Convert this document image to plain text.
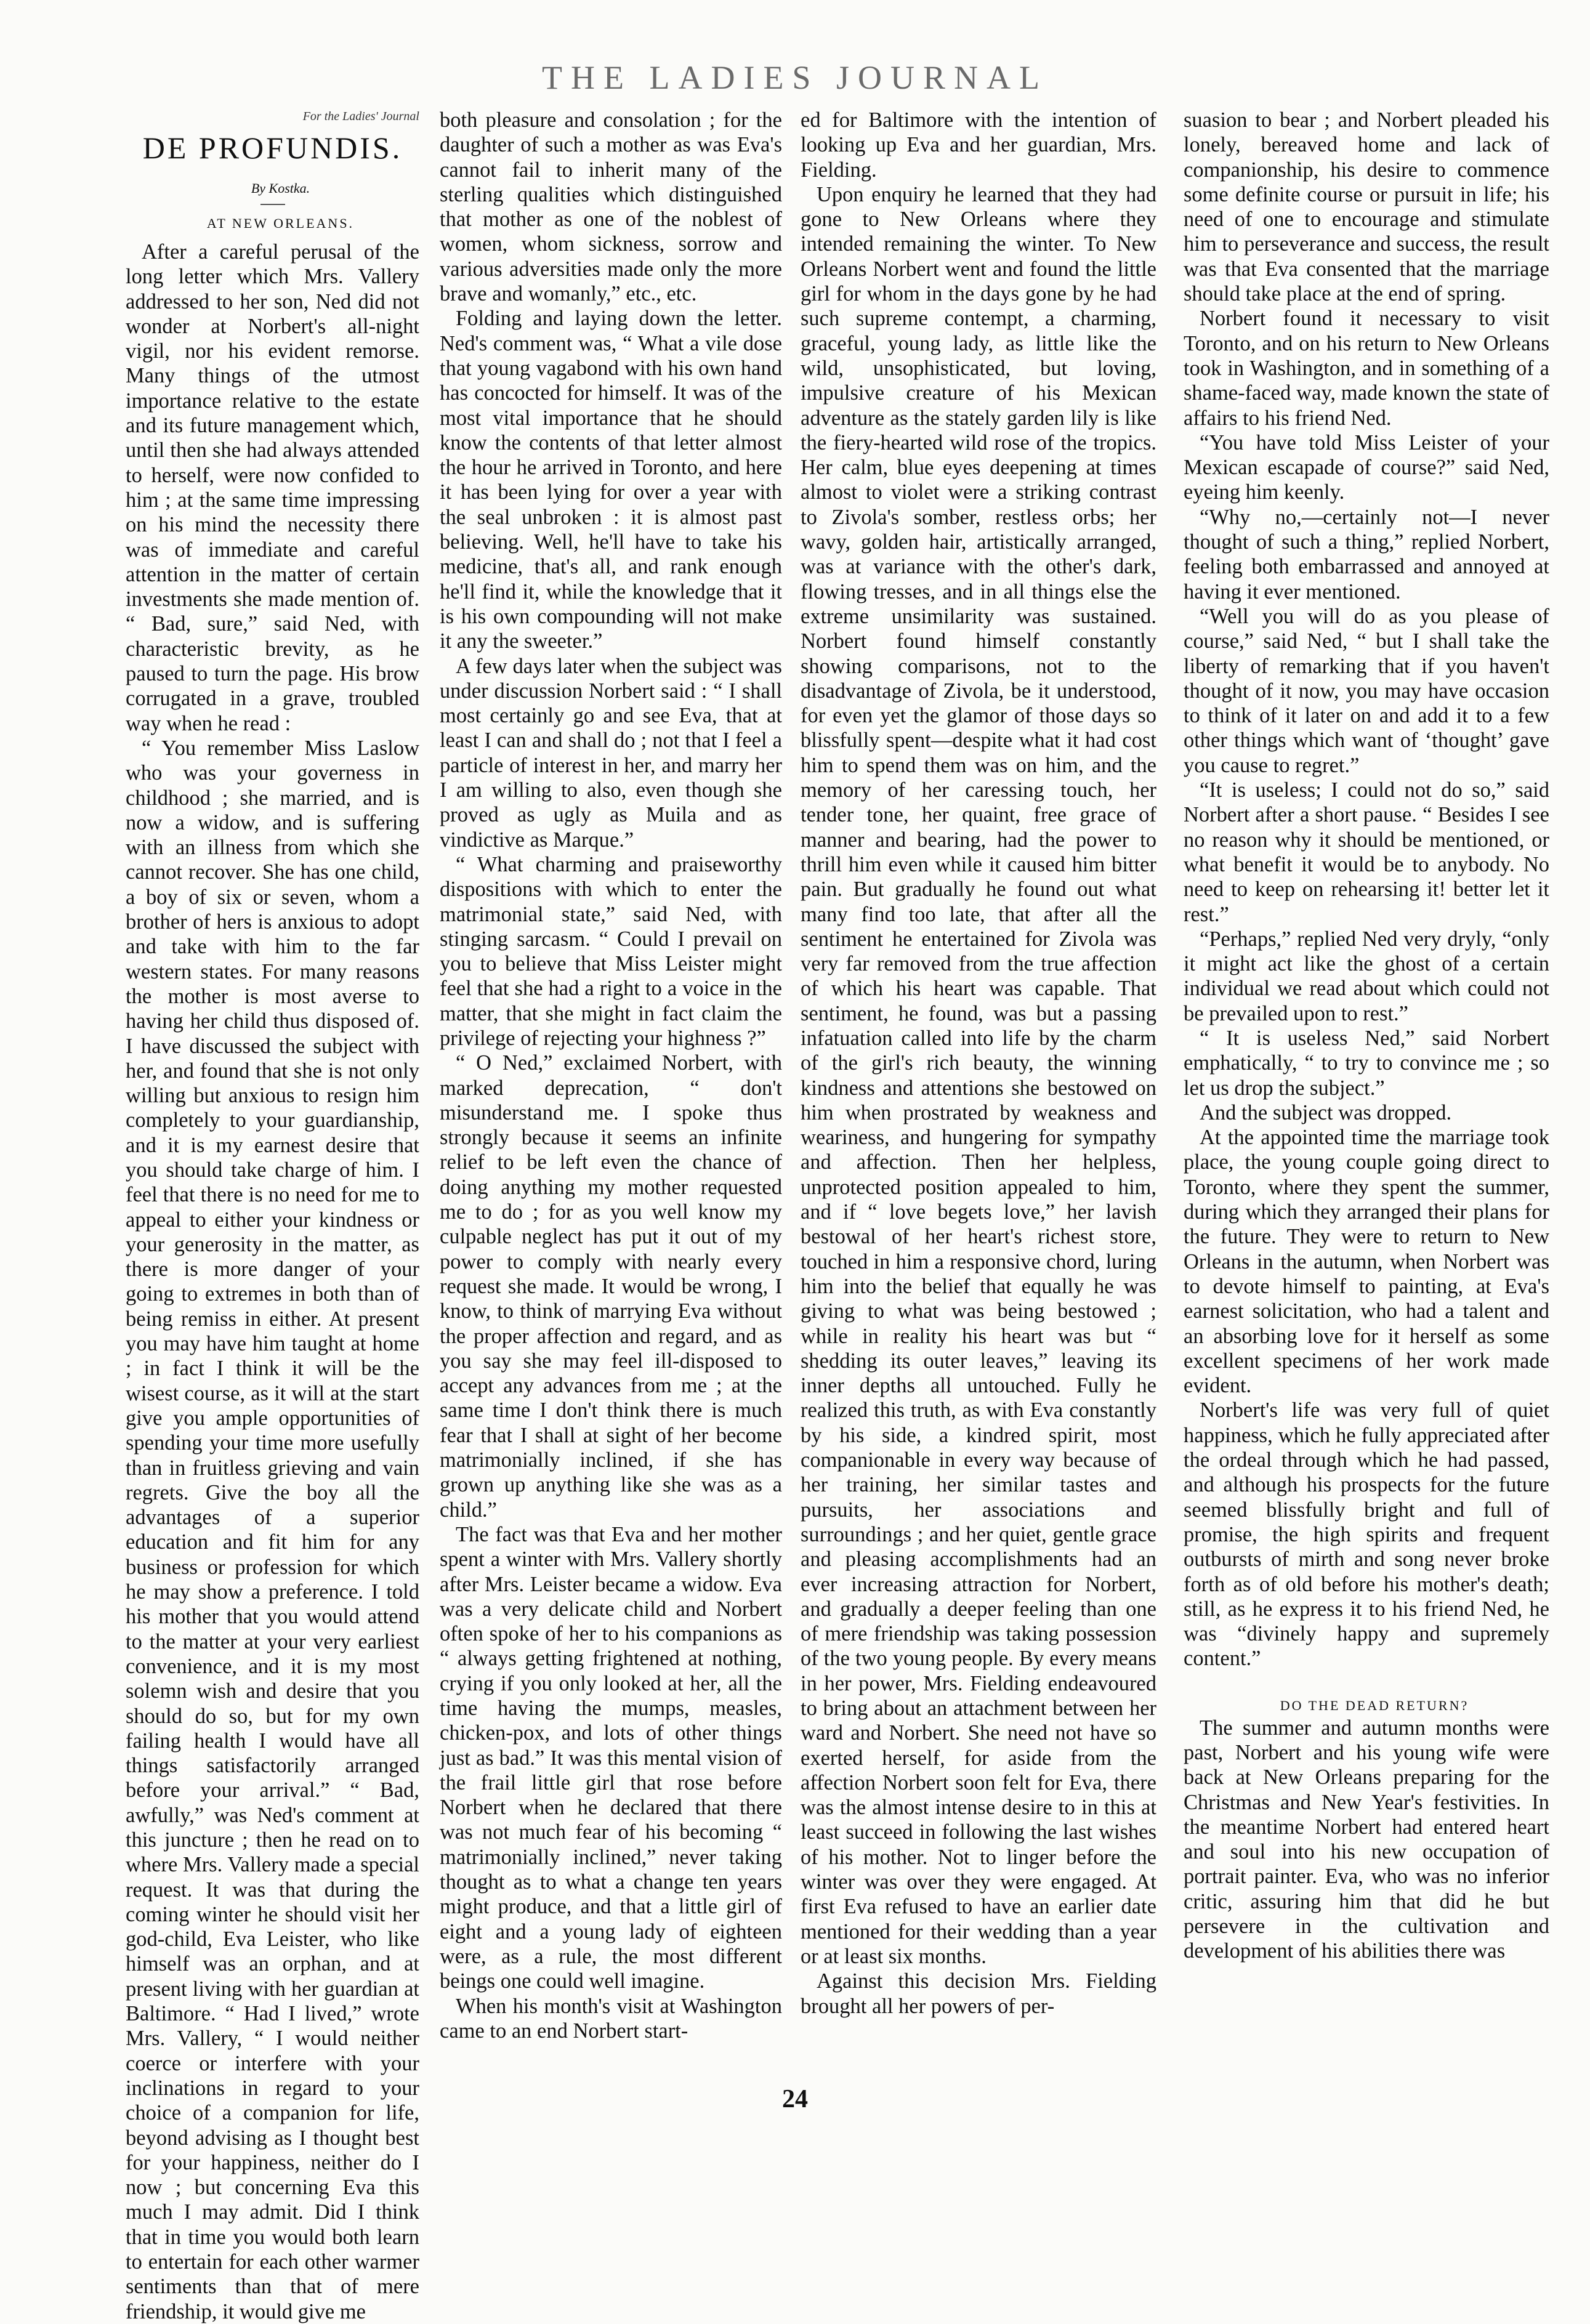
THE LADIES JOURNAL

For the Ladies' Journal

DE PROFUNDIS.

By Kostka.

AT NEW ORLEANS.

After a careful perusal of the long letter which Mrs. Vallery addressed to her son, Ned did not wonder at Norbert's all-night vigil, nor his evident remorse. Many things of the utmost importance relative to the estate and its future management which, until then she had always attended to herself, were now confided to him ; at the same time impressing on his mind the necessity there was of immediate and careful attention in the matter of certain investments she made mention of. “ Bad, sure,” said Ned, with characteristic brevity, as he paused to turn the page. His brow corrugated in a grave, troubled way when he read :

“ You remember Miss Laslow who was your governess in childhood ; she married, and is now a widow, and is suffering with an illness from which she cannot recover. She has one child, a boy of six or seven, whom a brother of hers is anxious to adopt and take with him to the far western states. For many reasons the mother is most averse to having her child thus disposed of. I have discussed the subject with her, and found that she is not only willing but anxious to resign him completely to your guardianship, and it is my earnest desire that you should take charge of him. I feel that there is no need for me to appeal to either your kindness or your generosity in the matter, as there is more danger of your going to extremes in both than of being remiss in either. At present you may have him taught at home ; in fact I think it will be the wisest course, as it will at the start give you ample opportunities of spending your time more usefully than in fruitless grieving and vain regrets. Give the boy all the advantages of a superior education and fit him for any business or profession for which he may show a preference. I told his mother that you would attend to the matter at your very earliest convenience, and it is my most solemn wish and desire that you should do so, but for my own failing health I would have all things satisfactorily arranged before your arrival.” “ Bad, awfully,” was Ned's comment at this juncture ; then he read on to where Mrs. Vallery made a special request. It was that during the coming winter he should visit her god-child, Eva Leister, who like himself was an orphan, and at present living with her guardian at Baltimore. “ Had I lived,” wrote Mrs. Vallery, “ I would neither coerce or interfere with your inclinations in regard to your choice of a companion for life, beyond advising as I thought best for your happiness, neither do I now ; but concerning Eva this much I may admit. Did I think that in time you would both learn to entertain for each other warmer sentiments than that of mere friendship, it would give me

both pleasure and consolation ; for the daughter of such a mother as was Eva's cannot fail to inherit many of the sterling qualities which distinguished that mother as one of the noblest of women, whom sickness, sorrow and various adversities made only the more brave and womanly,” etc., etc.

Folding and laying down the letter. Ned's comment was, “ What a vile dose that young vagabond with his own hand has concocted for himself. It was of the most vital importance that he should know the contents of that letter almost the hour he arrived in Toronto, and here it has been lying for over a year with the seal unbroken : it is almost past believing. Well, he'll have to take his medicine, that's all, and rank enough he'll find it, while the knowledge that it is his own compounding will not make it any the sweeter.”

A few days later when the subject was under discussion Norbert said : “ I shall most certainly go and see Eva, that at least I can and shall do ; not that I feel a particle of interest in her, and marry her I am willing to also, even though she proved as ugly as Muila and as vindictive as Marque.”

“ What charming and praiseworthy dispositions with which to enter the matrimonial state,” said Ned, with stinging sarcasm. “ Could I prevail on you to believe that Miss Leister might feel that she had a right to a voice in the matter, that she might in fact claim the privilege of rejecting your highness ?”

“ O Ned,” exclaimed Norbert, with marked deprecation, “ don't misunderstand me. I spoke thus strongly because it seems an infinite relief to be left even the chance of doing anything my mother requested me to do ; for as you well know my culpable neglect has put it out of my power to comply with nearly every request she made. It would be wrong, I know, to think of marrying Eva without the proper affection and regard, and as you say she may feel ill-disposed to accept any advances from me ; at the same time I don't think there is much fear that I shall at sight of her become matrimonially inclined, if she has grown up anything like she was as a child.”

The fact was that Eva and her mother spent a winter with Mrs. Vallery shortly after Mrs. Leister became a widow. Eva was a very delicate child and Norbert often spoke of her to his companions as “ always getting frightened at nothing, crying if you only looked at her, all the time having the mumps, measles, chicken-pox, and lots of other things just as bad.” It was this mental vision of the frail little girl that rose before Norbert when he declared that there was not much fear of his becoming “ matrimonially inclined,” never taking thought as to what a change ten years might produce, and that a little girl of eight and a young lady of eighteen were, as a rule, the most different beings one could well imagine.

When his month's visit at Washington came to an end Norbert start-

ed for Baltimore with the intention of looking up Eva and her guardian, Mrs. Fielding.

Upon enquiry he learned that they had gone to New Orleans where they intended remaining the winter. To New Orleans Norbert went and found the little girl for whom in the days gone by he had such supreme contempt, a charming, graceful, young lady, as little like the wild, unsophisticated, but loving, impulsive creature of his Mexican adventure as the stately garden lily is like the fiery-hearted wild rose of the tropics. Her calm, blue eyes deepening at times almost to violet were a striking contrast to Zivola's somber, restless orbs; her wavy, golden hair, artistically arranged, was at variance with the other's dark, flowing tresses, and in all things else the extreme unsimilarity was sustained. Norbert found himself constantly showing comparisons, not to the disadvantage of Zivola, be it understood, for even yet the glamor of those days so blissfully spent—despite what it had cost him to spend them was on him, and the memory of her caressing touch, her tender tone, her quaint, free grace of manner and bearing, had the power to thrill him even while it caused him bitter pain. But gradually he found out what many find too late, that after all the sentiment he entertained for Zivola was very far removed from the true affection of which his heart was capable. That sentiment, he found, was but a passing infatuation called into life by the charm of the girl's rich beauty, the winning kindness and attentions she bestowed on him when prostrated by weakness and weariness, and hungering for sympathy and affection. Then her helpless, unprotected position appealed to him, and if “ love begets love,” her lavish bestowal of her heart's richest store, touched in him a responsive chord, luring him into the belief that equally he was giving to what was being bestowed ; while in reality his heart was but “ shedding its outer leaves,” leaving its inner depths all untouched. Fully he realized this truth, as with Eva constantly by his side, a kindred spirit, most companionable in every way because of her training, her similar tastes and pursuits, her associations and surroundings ; and her quiet, gentle grace and pleasing accomplishments had an ever increasing attraction for Norbert, and gradually a deeper feeling than one of mere friendship was taking possession of the two young people. By every means in her power, Mrs. Fielding endeavoured to bring about an attachment between her ward and Norbert. She need not have so exerted herself, for aside from the affection Norbert soon felt for Eva, there was the almost intense desire to in this at least succeed in following the last wishes of his mother. Not to linger before the winter was over they were engaged. At first Eva refused to have an earlier date mentioned for their wedding than a year or at least six months.

Against this decision Mrs. Fielding brought all her powers of per-

suasion to bear ; and Norbert pleaded his lonely, bereaved home and lack of companionship, his desire to commence some definite course or pursuit in life; his need of one to encourage and stimulate him to perseverance and success, the result was that Eva consented that the marriage should take place at the end of spring.

Norbert found it necessary to visit Toronto, and on his return to New Orleans took in Washington, and in something of a shame-faced way, made known the state of affairs to his friend Ned.

“You have told Miss Leister of your Mexican escapade of course?” said Ned, eyeing him keenly.

“Why no,—certainly not—I never thought of such a thing,” replied Norbert, feeling both embarrassed and annoyed at having it ever mentioned.

“Well you will do as you please of course,” said Ned, “ but I shall take the liberty of remarking that if you haven't thought of it now, you may have occasion to think of it later on and add it to a few other things which want of ‘thought’ gave you cause to regret.”

“It is useless; I could not do so,” said Norbert after a short pause. “ Besides I see no reason why it should be mentioned, or what benefit it would be to anybody. No need to keep on rehearsing it! better let it rest.”

“Perhaps,” replied Ned very dryly, “only it might act like the ghost of a certain individual we read about which could not be prevailed upon to rest.”

“ It is useless Ned,” said Norbert emphatically, “ to try to convince me ; so let us drop the subject.”

And the subject was dropped.

At the appointed time the marriage took place, the young couple going direct to Toronto, where they spent the summer, during which they arranged their plans for the future. They were to return to New Orleans in the autumn, when Norbert was to devote himself to painting, at Eva's earnest solicitation, who had a talent and an absorbing love for it herself as some excellent specimens of her work made evident.

Norbert's life was very full of quiet happiness, which he fully appreciated after the ordeal through which he had passed, and although his prospects for the future seemed blissfully bright and full of promise, the high spirits and frequent outbursts of mirth and song never broke forth as of old before his mother's death; still, as he express it to his friend Ned, he was “divinely happy and supremely content.”

DO THE DEAD RETURN?

The summer and autumn months were past, Norbert and his young wife were back at New Orleans preparing for the Christmas and New Year's festivities. In the meantime Norbert had entered heart and soul into his new occupation of portrait painter. Eva, who was no inferior critic, assuring him that did he but persevere in the cultivation and development of his abilities there was

24
